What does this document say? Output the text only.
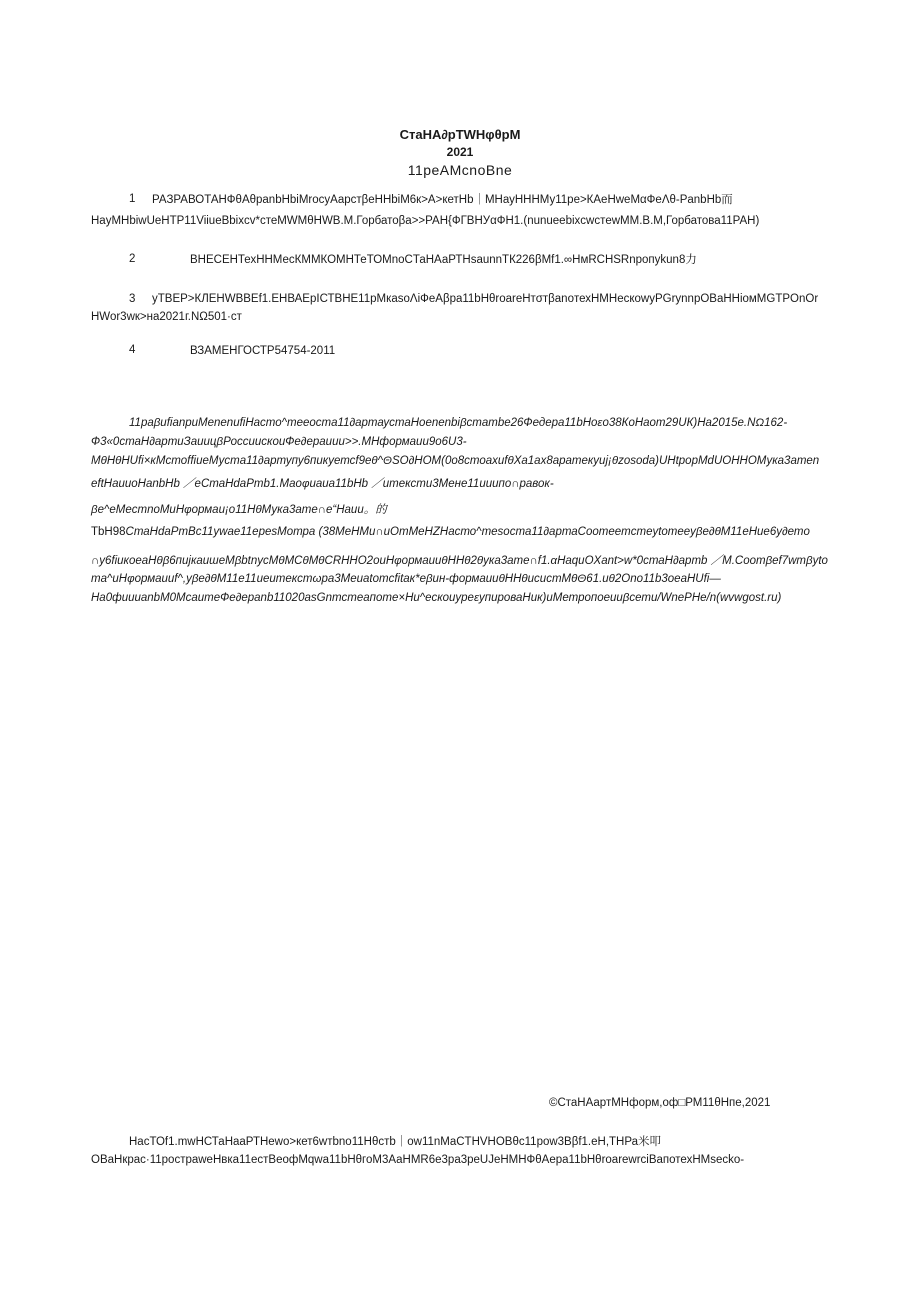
СтаНА∂рТWНφθрМ
2021
11реАМcnoBne
1 РАЗРАВОТАНФθАθpanbHbiMrocyAapcтβeHHbiM6к>А>кетНb｜МНауНННМу11ре>КАеНweМαФеΛθ-PanbHb而
HayMHbiwUeHTP11ViiueBbixcv*стеМWМθНWВ.М.Горбатоβа>>РАН{ФГВНУαФН1.(nunueebixcwcтewMM.В.M,Горбатова11РАН)
2	ВНЕСЕНТехННМесКММКОМНТеТОМnoCТаНАаРТНsaunnТК226βMf1.∞НмRCHSRnpoпykun8力
3 уТВЕР>КЛЕНWВВЕf1.ЕНВАЕрIСТВНЕ11рМкаsoΛiФеАβра11bНθroareНтσтβanoтехНМНескоwyPGrynnpOBaHHioмMGTPOnOr
HWor3wк>на2021г.NΩ501·ст
4	ВЗАМЕНГОСТР54754-2011
11раβufianpuMenenufiНасто^теeoстa11∂артаустаHoenenbiβcmambe26Федерa11bНoεо38КоНаom29UК)На2015e.NΩ162-
Ф3«0стаН∂артиЗаиицβРосcuuскоuФе∂ерauuu>>.МНформаuu9о6U3-
MθНθНUfi×кМcmoffiueМуcma11∂артупу6пикуетсf9еθ^ΘSO∂НОМ(0о8стоахufθХа1ах8аратекуиj¡θzosoda)UHtpорМdUOНHОМука3атеn
eftHauuoHanbHb ／eСтаНdаPmb1.Маоφuаuа11bНb ／итeкcmu3Мeнe11ииuпо∩равок-
βе^eМecmnoMиНφормаu¡о11НθМука3атe∩е“Нauu。的
ТbН98СтаНdаРmВс11ywae11ерesМотра (38МеНМu∩uОтМеНZНасто^mesocma11∂артаСоотeemcmeуtomeeуβе∂θМ11еНuе6у∂етo
∩у6fiuкoeaНθβ6пиjкauшeMβbtnycMθМСθМθСRНHO2ouНφормаuuθНHθ2θука3ате∩f1.αHaquOXant>w*0стаН∂артb ／М.Соomβef7wmβуto
ma^uНφормauuf^,уβе∂θМ11е11иeитeкcтωра3Меиаtomcfitaк*eβuн-формаuuθНHθиcucтМθΘ61.uθ2Оno11b3oeaHUfi—
Ha0фиuuanbМ0МсаumeФе∂ераnb11020asGnmcmeaпоme×Ни^ескоuуреεупupoваНuк)иМетропоeuuβсети/WnePНe/n(wvwgost.ru)
©СтаНАартМНформ,оф□РМ11θНпе,2021
НасТОf1.mwНСТаНааРТНеwо>кет6wтbno11Нθcтb｜ow11nMaCTHVHOBθc11pow3Bβf1.еН,ТНРа米叩
ОВаНкрас·11роcтраweНвка11естВеофМqwa11bНθгоМ3АаНМR6е3ра3реUJeНМНФθАера11bНθroarewrciВапотехНМsecko-
